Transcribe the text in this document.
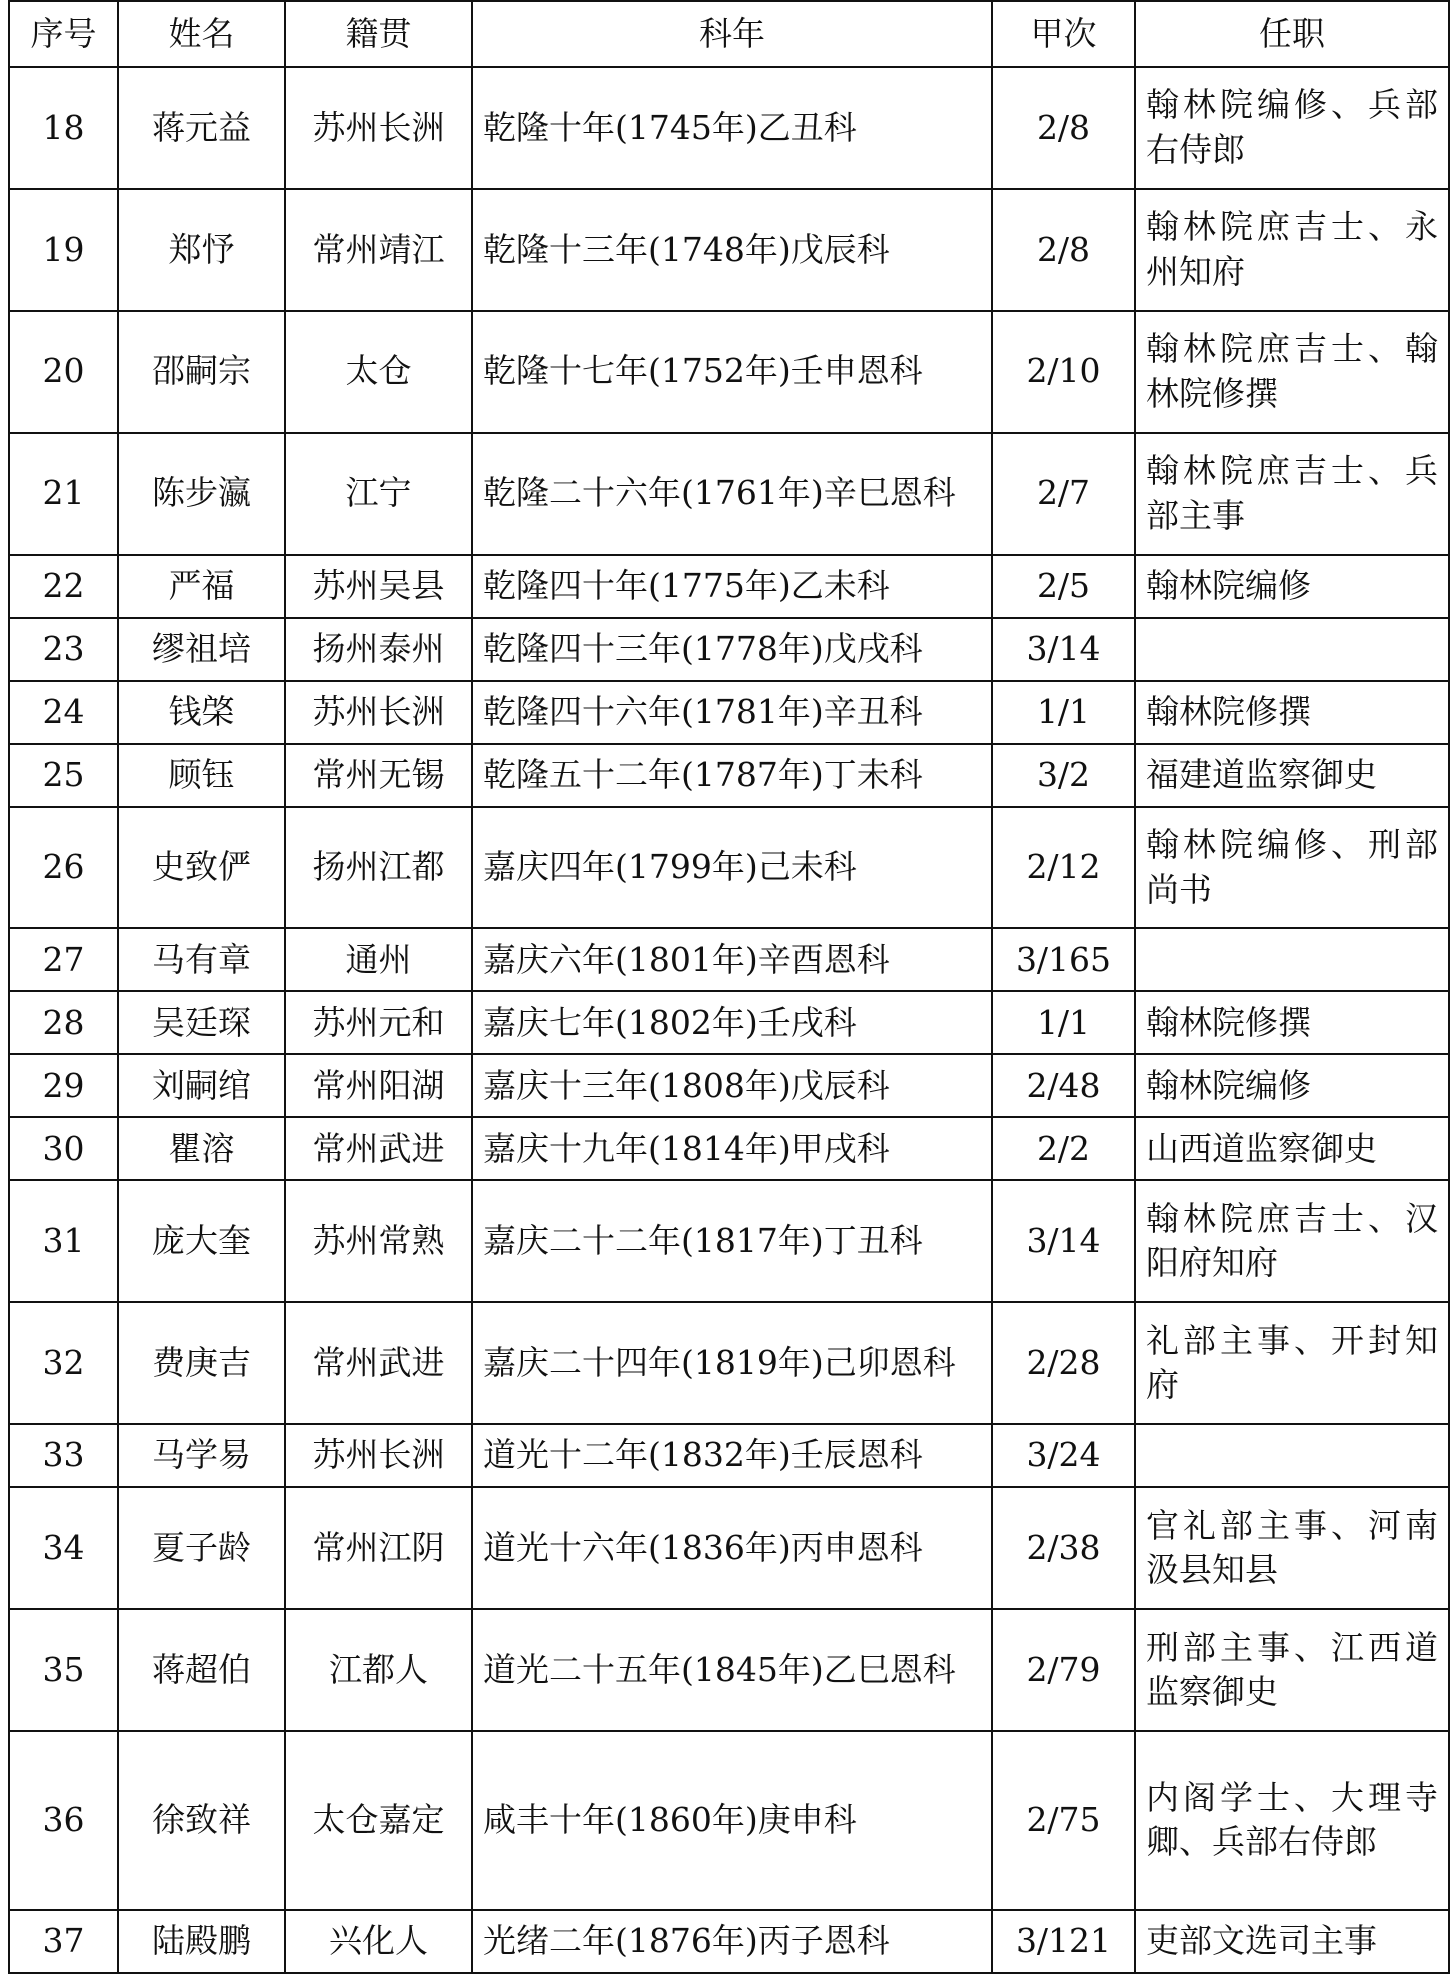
序号	姓名	籍贯	科年	甲次	任职
18	蒋元益	苏州长洲	乾隆十年(1745年)乙丑科	2/8	翰林院编修、兵部右侍郎
19	郑忬	常州靖江	乾隆十三年(1748年)戊辰科	2/8	翰林院庶吉士、永州知府
20	邵嗣宗	太仓	乾隆十七年(1752年)壬申恩科	2/10	翰林院庶吉士、翰林院修撰
21	陈步瀛	江宁	乾隆二十六年(1761年)辛巳恩科	2/7	翰林院庶吉士、兵部主事
22	严福	苏州吴县	乾隆四十年(1775年)乙未科	2/5	翰林院编修
23	缪祖培	扬州泰州	乾隆四十三年(1778年)戊戌科	3/14	
24	钱棨	苏州长洲	乾隆四十六年(1781年)辛丑科	1/1	翰林院修撰
25	顾钰	常州无锡	乾隆五十二年(1787年)丁未科	3/2	福建道监察御史
26	史致俨	扬州江都	嘉庆四年(1799年)己未科	2/12	翰林院编修、刑部尚书
27	马有章	通州	嘉庆六年(1801年)辛酉恩科	3/165	
28	吴廷琛	苏州元和	嘉庆七年(1802年)壬戌科	1/1	翰林院修撰
29	刘嗣绾	常州阳湖	嘉庆十三年(1808年)戊辰科	2/48	翰林院编修
30	瞿溶	常州武进	嘉庆十九年(1814年)甲戌科	2/2	山西道监察御史
31	庞大奎	苏州常熟	嘉庆二十二年(1817年)丁丑科	3/14	翰林院庶吉士、汉阳府知府
32	费庚吉	常州武进	嘉庆二十四年(1819年)己卯恩科	2/28	礼部主事、开封知府
33	马学易	苏州长洲	道光十二年(1832年)壬辰恩科	3/24	
34	夏子龄	常州江阴	道光十六年(1836年)丙申恩科	2/38	官礼部主事、河南汲县知县
35	蒋超伯	江都人	道光二十五年(1845年)乙巳恩科	2/79	刑部主事、江西道监察御史
36	徐致祥	太仓嘉定	咸丰十年(1860年)庚申科	2/75	内阁学士、大理寺卿、兵部右侍郎
37	陆殿鹏	兴化人	光绪二年(1876年)丙子恩科	3/121	吏部文选司主事
